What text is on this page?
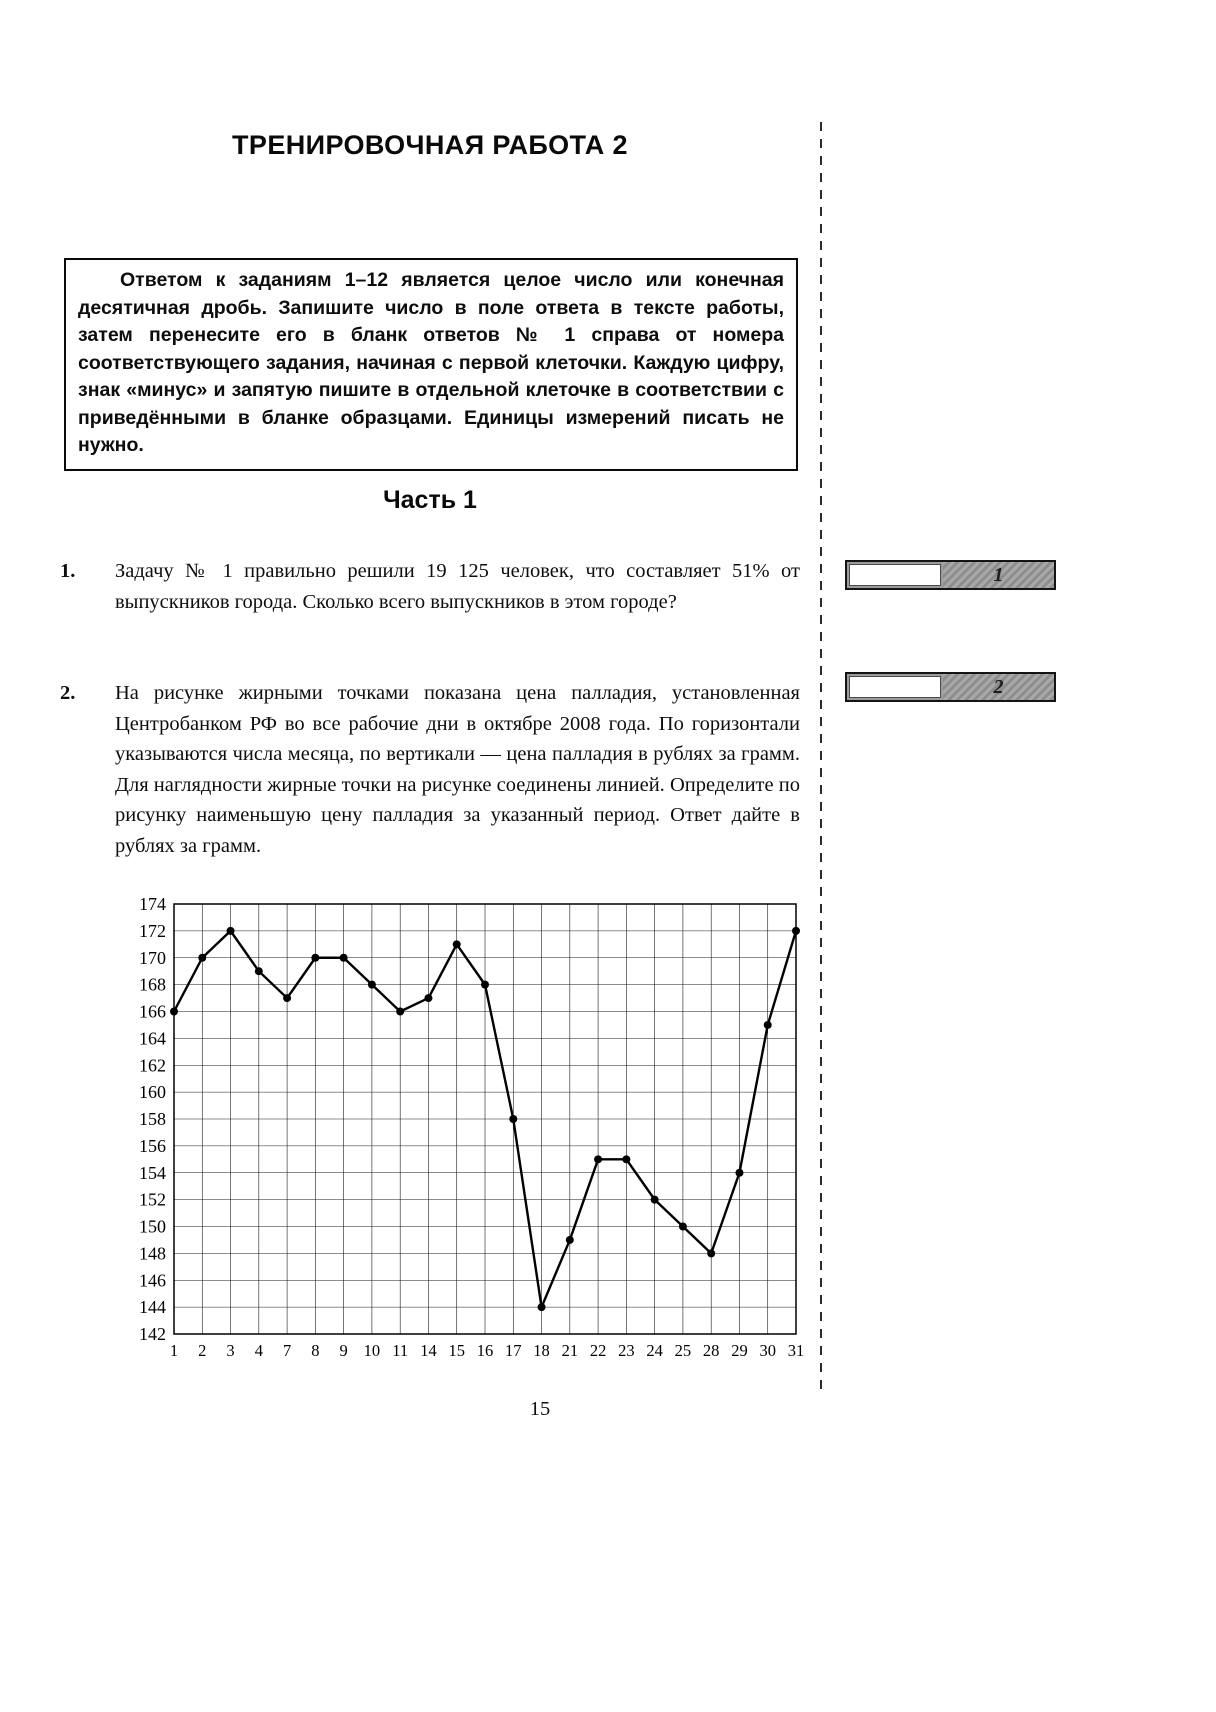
ТРЕНИРОВОЧНАЯ РАБОТА 2

Ответом к заданиям 1–12 является целое число или конечная десятичная дробь. Запишите число в поле ответа в тексте работы, затем перенесите его в бланк ответов № 1 справа от номера соответствующего задания, начиная с первой клеточки. Каждую цифру, знак «минус» и запятую пишите в отдельной клеточке в соответствии с приведёнными в бланке образцами. Единицы измерений писать не нужно.

Часть 1
1. Задачу № 1 правильно решили 19 125 человек, что составляет 51% от выпускников города. Сколько всего выпускников в этом городе?

2. На рисунке жирными точками показана цена палладия, установленная Центробанком РФ во все рабочие дни в октябре 2008 года. По горизонтали указываются числа месяца, по вертикали — цена палладия в рублях за грамм. Для наглядности жирные точки на рисунке соединены линией. Определите по рисунку наименьшую цену палладия за указанный период. Ответ дайте в рублях за грамм.

142
144
146
148
150
152
154
156
158
160
162
164
166
168
170
172
174
1 2 3 4 7 8 9 10 11 14 15 16 17 18 21 22 23 24 25 28 29 30 31
1
2
15
